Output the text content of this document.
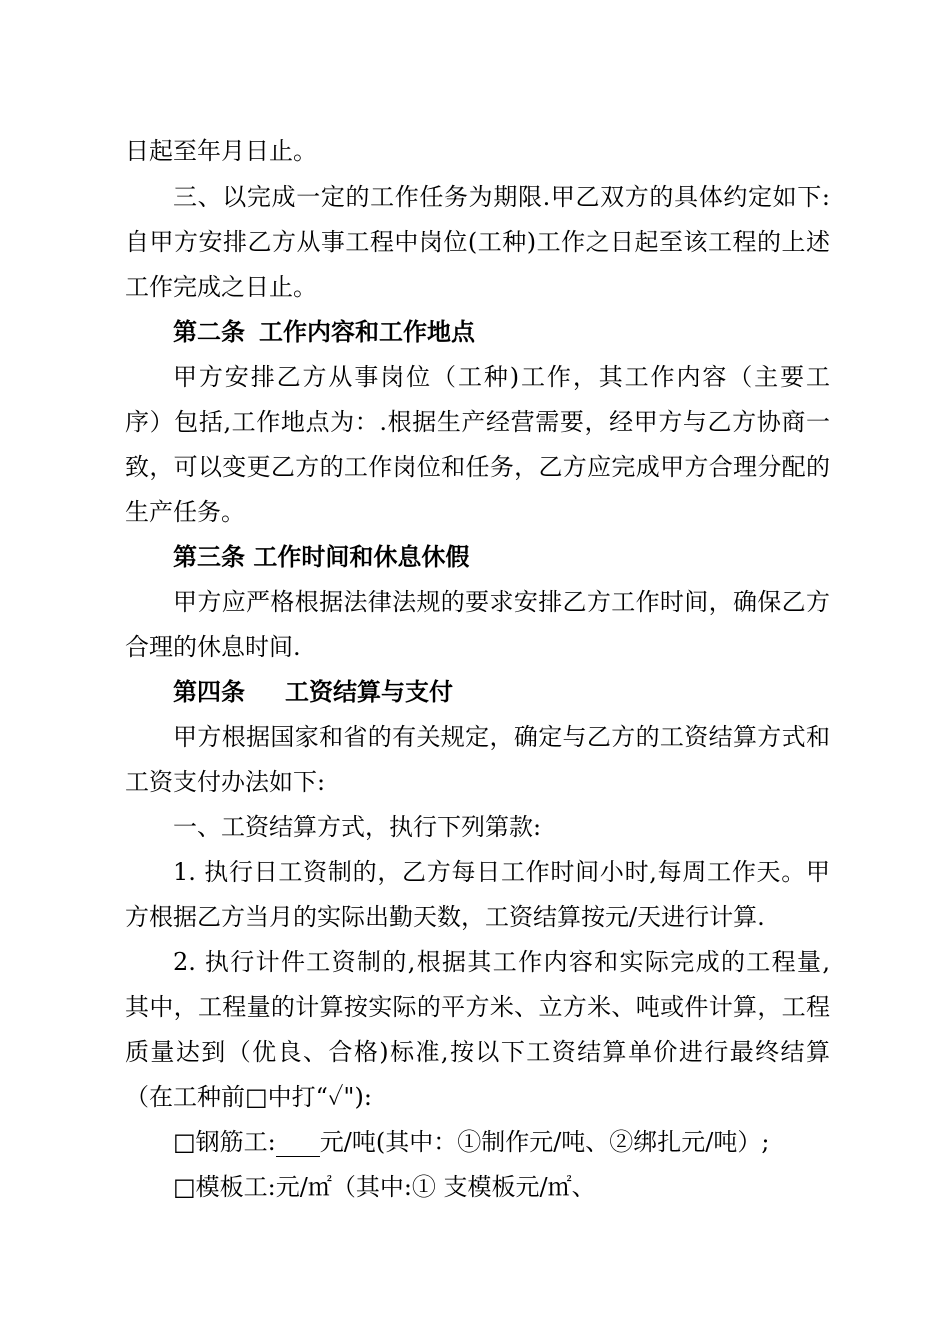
日起至年月日止。
三、以完成一定的工作任务为期限.甲乙双方的具体约定如下:
自甲方安排乙方从事工程中岗位(工种)工作之日起至该工程的上述
工作完成之日止。
第二条 工作内容和工作地点
甲方安排乙方从事岗位（工种)工作，其工作内容（主要工
序）包括,工作地点为：.根据生产经营需要，经甲方与乙方协商一
致，可以变更乙方的工作岗位和任务，乙方应完成甲方合理分配的
生产任务。
第三条 工作时间和休息休假
甲方应严格根据法律法规的要求安排乙方工作时间，确保乙方
合理的休息时间.
第四条 工资结算与支付
甲方根据国家和省的有关规定，确定与乙方的工资结算方式和
工资支付办法如下:
一、工资结算方式，执行下列第款:
1. 执行日工资制的，乙方每日工作时间小时,每周工作天。甲
方根据乙方当月的实际出勤天数，工资结算按元/天进行计算.
2. 执行计件工资制的,根据其工作内容和实际完成的工程量,
其中，工程量的计算按实际的平方米、立方米、吨或件计算，工程
质量达到（优良、合格)标准,按以下工资结算单价进行最终结算
（在工种前□中打“✓"):
□钢筋工: 元/吨(其中：①制作元/吨、②绑扎元/吨）;
□模板工:元/㎡（其中:① 支模板元/㎡、
